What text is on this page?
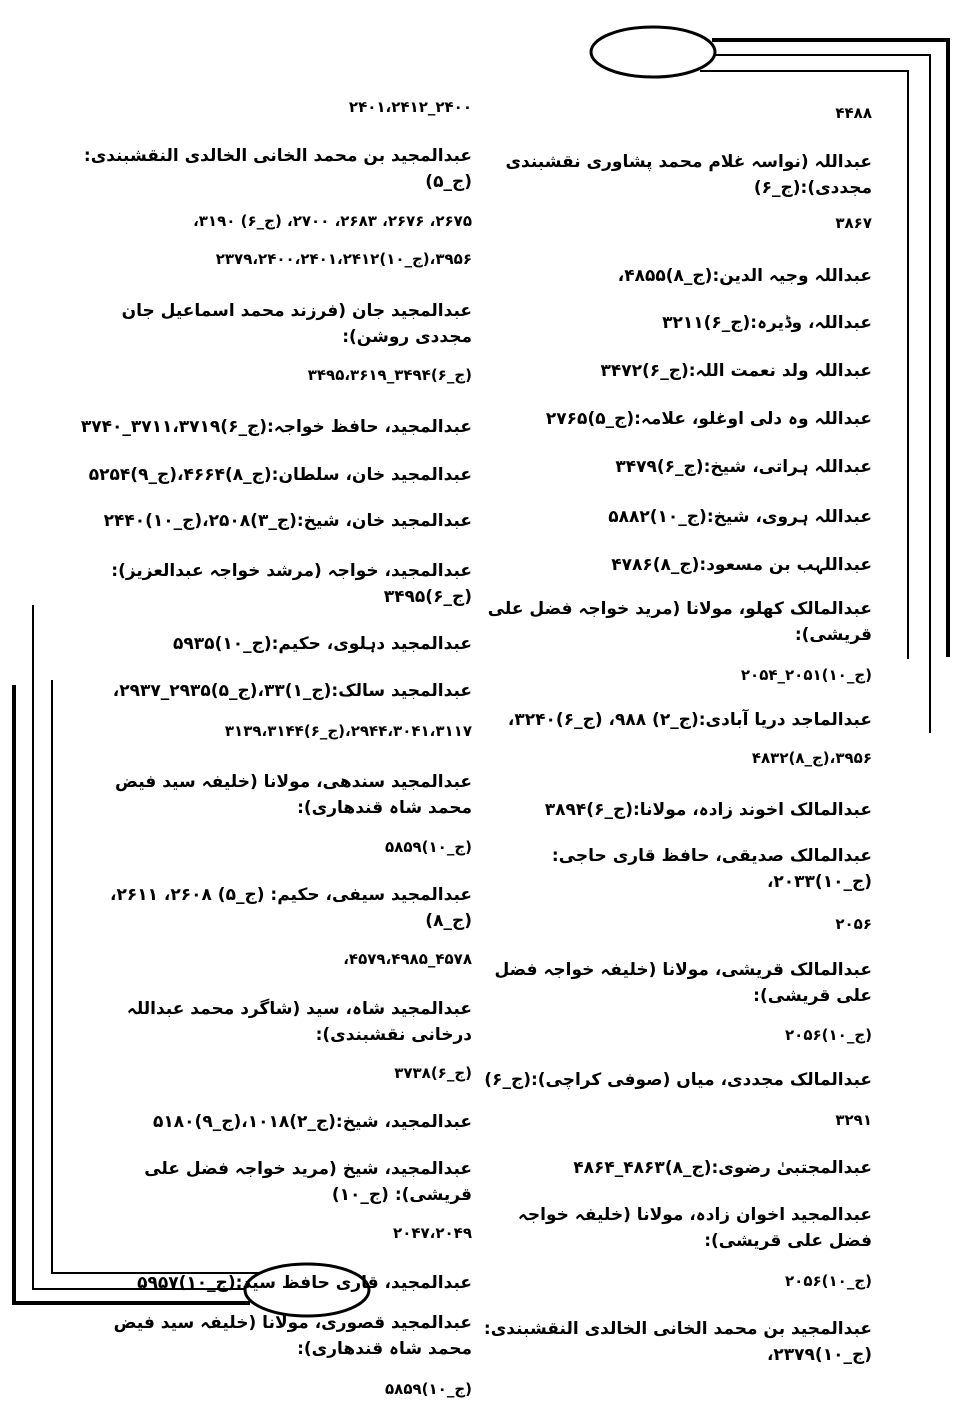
۴۴۸۸
عبداللہ (نواسہ غلام محمد پشاوری نقشبندی مجددی):(ج_۶)
۳۸۶۷
عبداللہ وجیہ الدین:(ج_۸)۴۸۵۵،
عبداللہ، وڈیرہ:(ج_۶)۳۲۱۱
عبداللہ ولد نعمت اللہ:(ج_۶)۳۴۷۲
عبداللہ وہ دلی اوغلو، علامہ:(ج_۵)۲۷۶۵
عبداللہ ہراتی، شیخ:(ج_۶)۳۴۷۹
عبداللہ ہروی، شیخ:(ج_۱۰)۵۸۸۲
عبداللہب بن مسعود:(ج_۸)۴۷۸۶
عبدالمالک کھلو، مولانا (مرید خواجہ فضل علی قریشی):
(ج_۱۰)۲۰۵۱_۲۰۵۴
عبدالماجد دریا آبادی:(ج_۲) ۹۸۸، (ج_۶)۳۲۴۰،
۳۹۵۶،(ج_۸)۴۸۳۲
عبدالمالک اخوند زادہ، مولانا:(ج_۶)۳۸۹۴
عبدالمالک صدیقی، حافظ قاری حاجی:(ج_۱۰)۲۰۳۳،
۲۰۵۶
عبدالمالک قریشی، مولانا (خلیفہ خواجہ فضل علی قریشی):
(ج_۱۰)۲۰۵۶
عبدالمالک مجددی، میاں (صوفی کراچی):(ج_۶)
۳۲۹۱
عبدالمجتبیٰ رضوی:(ج_۸)۴۸۶۳_۴۸۶۴
عبدالمجید اخوان زادہ، مولانا (خلیفہ خواجہ فضل علی قریشی):
(ج_۱۰)۲۰۵۶
عبدالمجید بن محمد الخانی الخالدی النقشبندی:(ج_۱۰)۲۳۷۹،
۲۴۰۰_۲۴۰۱،۲۴۱۲
عبدالمجید بن محمد الخانی الخالدی النقشبندی: (ج_۵)
۲۶۷۵، ۲۶۷۶، ۲۶۸۳، ۲۷۰۰، (ج_۶) ۳۱۹۰،
۳۹۵۶،(ج_۱۰)۲۳۷۹،۲۴۰۰،۲۴۰۱،۲۴۱۲
عبدالمجید جان (فرزند محمد اسماعیل جان مجددی روشن):
(ج_۶)۳۴۹۴_۳۴۹۵،۳۶۱۹
عبدالمجید، حافظ خواجہ:(ج_۶)۳۷۱۱،۳۷۱۹_۳۷۴۰
عبدالمجید خان، سلطان:(ج_۸)۴۶۶۴،(ج_۹)۵۲۵۴
عبدالمجید خان، شیخ:(ج_۳)۲۵۰۸،(ج_۱۰)۲۴۴۰
عبدالمجید، خواجہ (مرشد خواجہ عبدالعزیز):(ج_۶)۳۴۹۵
عبدالمجید دہلوی، حکیم:(ج_۱۰)۵۹۳۵
عبدالمجید سالک:(ج_۱)۳۳،(ج_۵)۲۹۳۵_۲۹۳۷،
۲۹۴۴،۳۰۴۱،۳۱۱۷،(ج_۶)۳۱۳۹،۳۱۴۴
عبدالمجید سندھی، مولانا (خلیفہ سید فیض محمد شاہ قندھاری):
(ج_۱۰)۵۸۵۹
عبدالمجید سیفی، حکیم: (ج_۵) ۲۶۰۸، ۲۶۱۱، (ج_۸)
۴۵۷۸_۴۵۷۹،۴۹۸۵،
عبدالمجید شاہ، سید (شاگرد محمد عبداللہ درخانی نقشبندی):
(ج_۶)۳۷۳۸
عبدالمجید، شیخ:(ج_۲)۱۰۱۸،(ج_۹)۵۱۸۰
عبدالمجید، شیخ (مرید خواجہ فضل علی قریشی): (ج_۱۰)
۲۰۴۷،۲۰۴۹
عبدالمجید، قاری حافظ سید:(ج_۱۰)۵۹۵۷
عبدالمجید قصوری، مولانا (خلیفہ سید فیض محمد شاہ قندھاری):
(ج_۱۰)۵۸۵۹
